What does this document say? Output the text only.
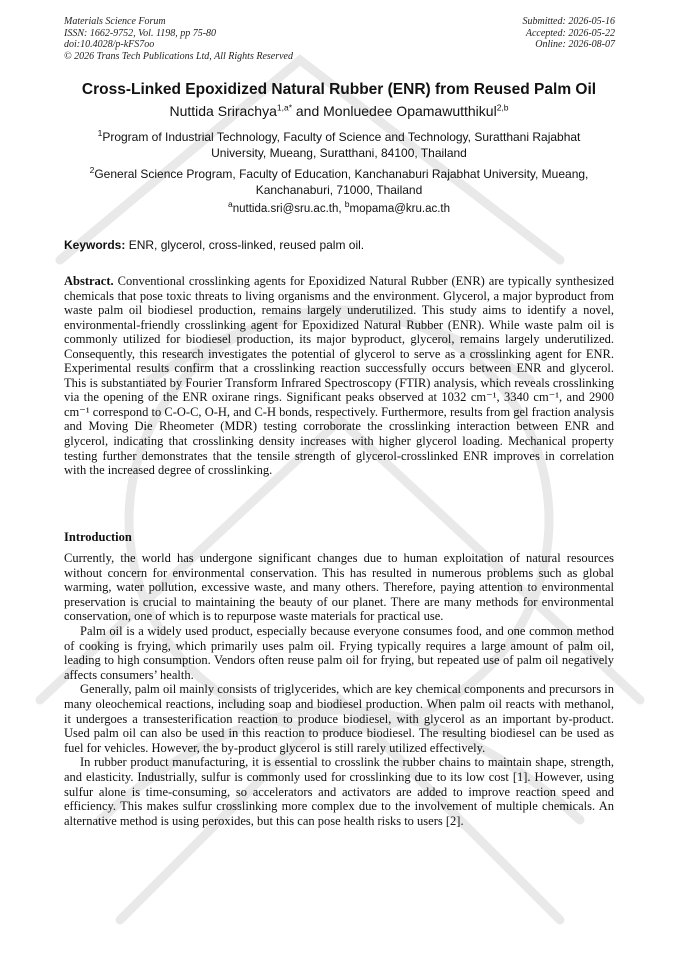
Materials Science Forum
ISSN: 1662-9752, Vol. 1198, pp 75-80
doi:10.4028/p-kFS7oo
© 2026 Trans Tech Publications Ltd, All Rights Reserved
Submitted: 2026-05-16
Accepted: 2026-05-22
Online: 2026-08-07
Cross-Linked Epoxidized Natural Rubber (ENR) from Reused Palm Oil
Nuttida Srirachya$^{1,a*}$ and Monluedee Opamawutthikul$^{2,b}$
$^1$Program of Industrial Technology, Faculty of Science and Technology, Suratthani Rajabhat
University, Mueang, Suratthani, 84100, Thailand
$^2$General Science Program, Faculty of Education, Kanchanaburi Rajabhat University, Mueang,
Kanchanaburi, 71000, Thailand
$^a$nuttida.sri@sru.ac.th, $^b$mopama@kru.ac.th
Keywords: ENR, glycerol, cross-linked, reused palm oil.

Abstract. Conventional crosslinking agents for Epoxidized Natural Rubber (ENR) are typically synthesized chemicals that pose toxic threats to living organisms and the environment. Glycerol, a major byproduct from waste palm oil biodiesel production, remains largely underutilized. This study aims to identify a novel, environmental-friendly crosslinking agent for Epoxidized Natural Rubber (ENR). While waste palm oil is commonly utilized for biodiesel production, its major byproduct, glycerol, remains largely underutilized. Consequently, this research investigates the potential of glycerol to serve as a crosslinking agent for ENR. Experimental results confirm that a crosslinking reaction successfully occurs between ENR and glycerol. This is substantiated by Fourier Transform Infrared Spectroscopy (FTIR) analysis, which reveals crosslinking via the opening of the ENR oxirane rings. Significant peaks observed at 1032 cm⁻¹, 3340 cm⁻¹, and 2900 cm⁻¹ correspond to C-O-C, O-H, and C-H bonds, respectively. Furthermore, results from gel fraction analysis and Moving Die Rheometer (MDR) testing corroborate the crosslinking interaction between ENR and glycerol, indicating that crosslinking density increases with higher glycerol loading. Mechanical property testing further demonstrates that the tensile strength of glycerol-crosslinked ENR improves in correlation with the increased degree of crosslinking.

Introduction

Currently, the world has undergone significant changes due to human exploitation of natural resources without concern for environmental conservation. This has resulted in numerous problems such as global warming, water pollution, excessive waste, and many others. Therefore, paying attention to environmental preservation is crucial to maintaining the beauty of our planet. There are many methods for environmental conservation, one of which is to repurpose waste materials for practical use.

Palm oil is a widely used product, especially because everyone consumes food, and one common method of cooking is frying, which primarily uses palm oil. Frying typically requires a large amount of palm oil, leading to high consumption. Vendors often reuse palm oil for frying, but repeated use of palm oil negatively affects consumers’ health.

Generally, palm oil mainly consists of triglycerides, which are key chemical components and precursors in many oleochemical reactions, including soap and biodiesel production. When palm oil reacts with methanol, it undergoes a transesterification reaction to produce biodiesel, with glycerol as an important by-product. Used palm oil can also be used in this reaction to produce biodiesel. The resulting biodiesel can be used as fuel for vehicles. However, the by-product glycerol is still rarely utilized effectively.

In rubber product manufacturing, it is essential to crosslink the rubber chains to maintain shape, strength, and elasticity. Industrially, sulfur is commonly used for crosslinking due to its low cost [1]. However, using sulfur alone is time-consuming, so accelerators and activators are added to improve reaction speed and efficiency. This makes sulfur crosslinking more complex due to the involvement of multiple chemicals. An alternative method is using peroxides, but this can pose health risks to users [2].
